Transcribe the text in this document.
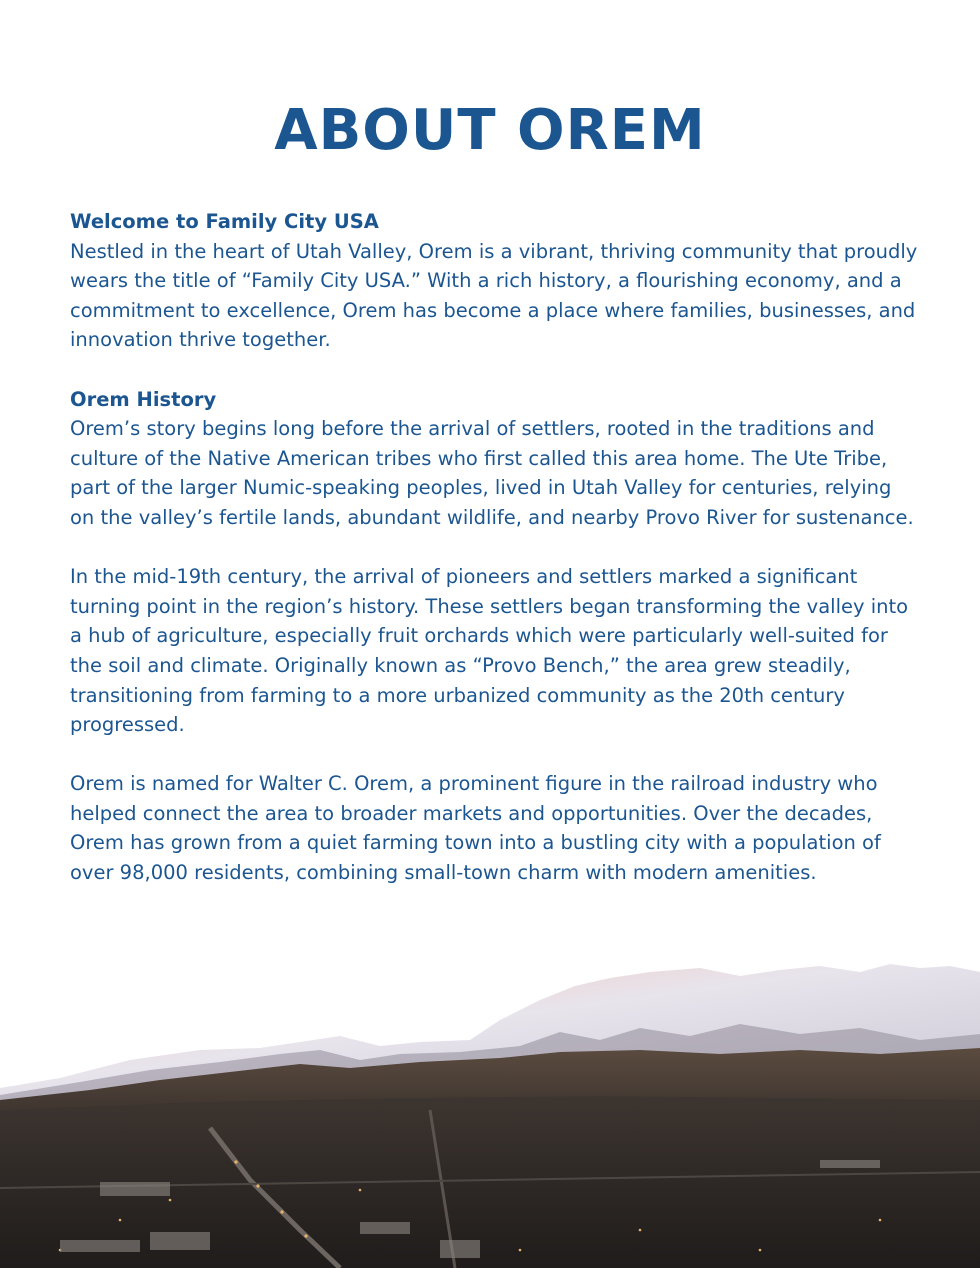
ABOUT OREM
Welcome to Family City USA

Nestled in the heart of Utah Valley, Orem is a vibrant, thriving community that proudly wears the title of “Family City USA.” With a rich history, a flourishing economy, and a commitment to excellence, Orem has become a place where families, businesses, and innovation thrive together.

Orem History

Orem’s story begins long before the arrival of settlers, rooted in the traditions and culture of the Native American tribes who first called this area home. The Ute Tribe, part of the larger Numic-speaking peoples, lived in Utah Valley for centuries, relying on the valley’s fertile lands, abundant wildlife, and nearby Provo River for sustenance.

In the mid-19th century, the arrival of pioneers and settlers marked a significant turning point in the region’s history. These settlers began transforming the valley into a hub of agriculture, especially fruit orchards which were particularly well-suited for the soil and climate. Originally known as “Provo Bench,” the area grew steadily, transitioning from farming to a more urbanized community as the 20th century progressed.

Orem is named for Walter C. Orem, a prominent figure in the railroad industry who helped connect the area to broader markets and opportunities. Over the decades, Orem has grown from a quiet farming town into a bustling city with a population of over 98,000 residents, combining small-town charm with modern amenities.
